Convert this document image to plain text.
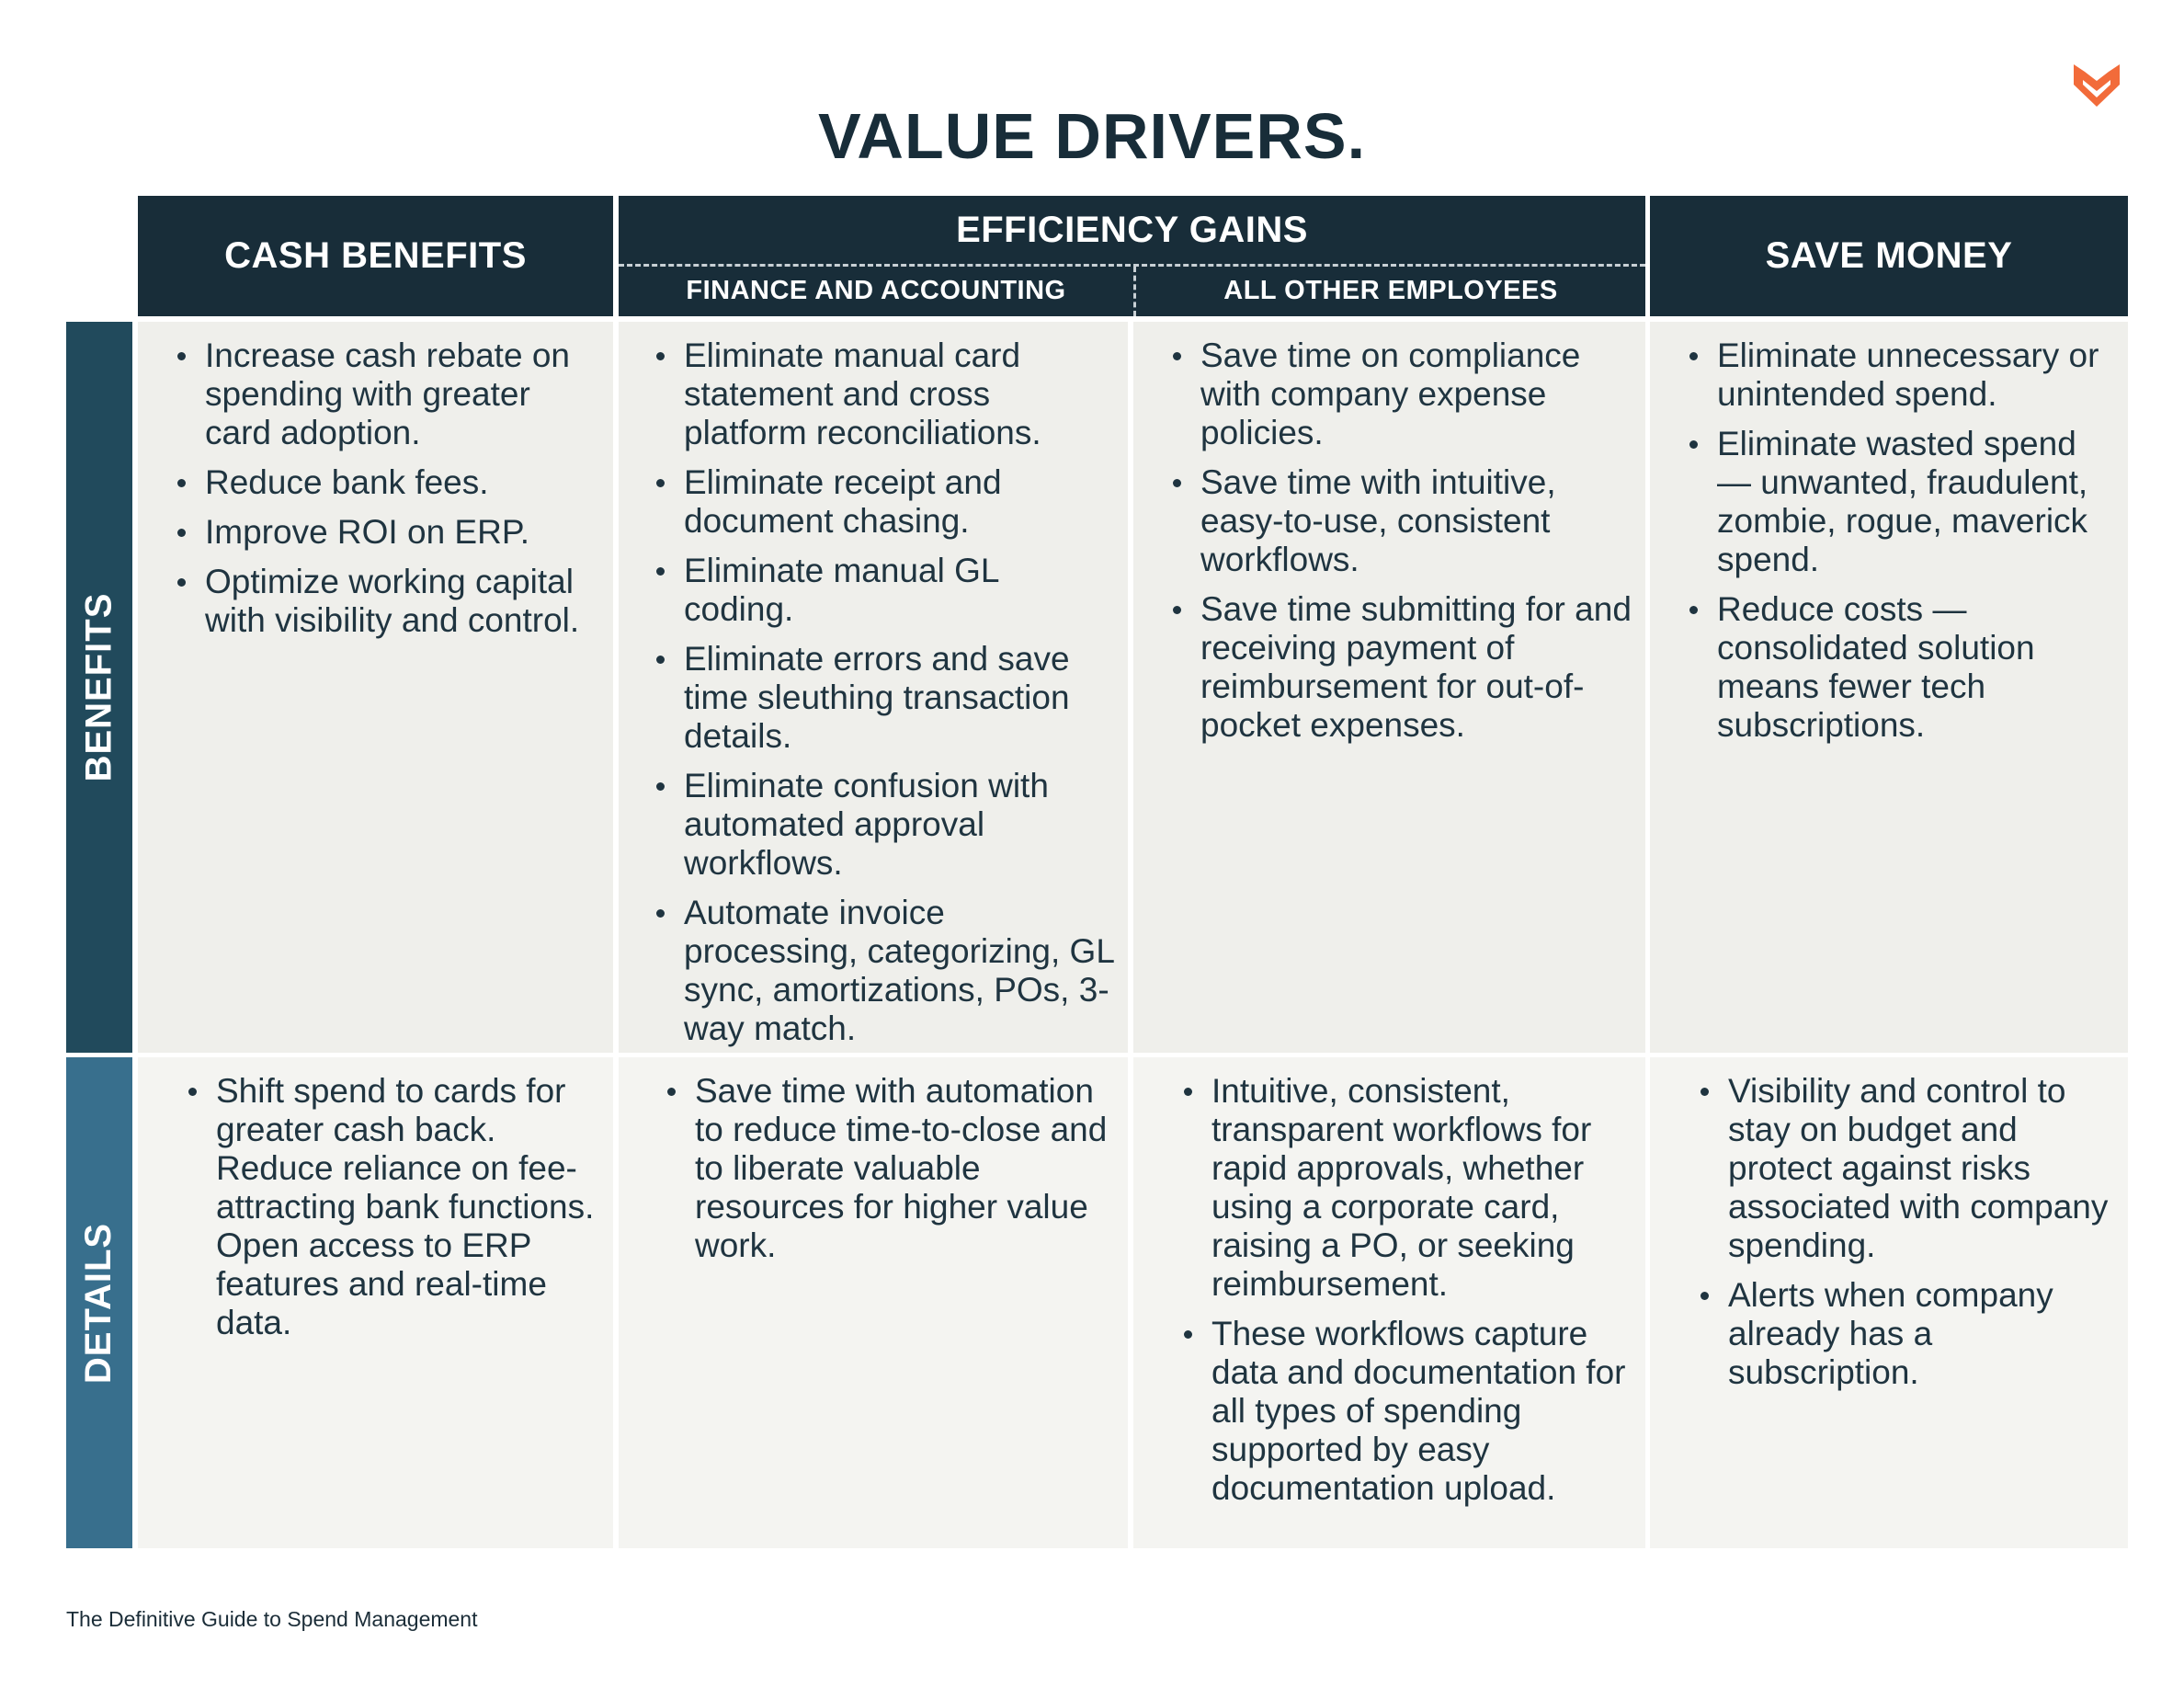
VALUE DRIVERS.
CASH BENEFITS
EFFICIENCY GAINS
FINANCE AND ACCOUNTING	ALL OTHER EMPLOYEES
SAVE MONEY
BENEFITS
DETAILS
Increase cash rebate on spending with greater card adoption.
Reduce bank fees.
Improve ROI on ERP.
Optimize working capital with visibility and control.
Eliminate manual card statement and cross platform reconciliations.
Eliminate receipt and document chasing.
Eliminate manual GL coding.
Eliminate errors and save time sleuthing transaction details.
Eliminate confusion with automated approval workflows.
Automate invoice processing, categorizing, GL sync, amortizations, POs, 3-way match.
Save time on compliance with company expense policies.
Save time with intuitive, easy-to-use, consistent workflows.
Save time submitting for and receiving payment of reimbursement for out-of-pocket expenses.
Eliminate unnecessary or unintended spend.
Eliminate wasted spend — unwanted, fraudulent, zombie, rogue, maverick spend.
Reduce costs — consolidated solution means fewer tech subscriptions.
Shift spend to cards for greater cash back. Reduce reliance on fee-attracting bank functions. Open access to ERP features and real-time data.
Save time with automation to reduce time-to-close and to liberate valuable resources for higher value work.
Intuitive, consistent, transparent workflows for rapid approvals, whether using a corporate card, raising a PO, or seeking reimbursement.
These workflows capture data and documentation for all types of spending supported by easy documentation upload.
Visibility and control to stay on budget and protect against risks associated with company spending.
Alerts when company already has a subscription.
The Definitive Guide to Spend Management
